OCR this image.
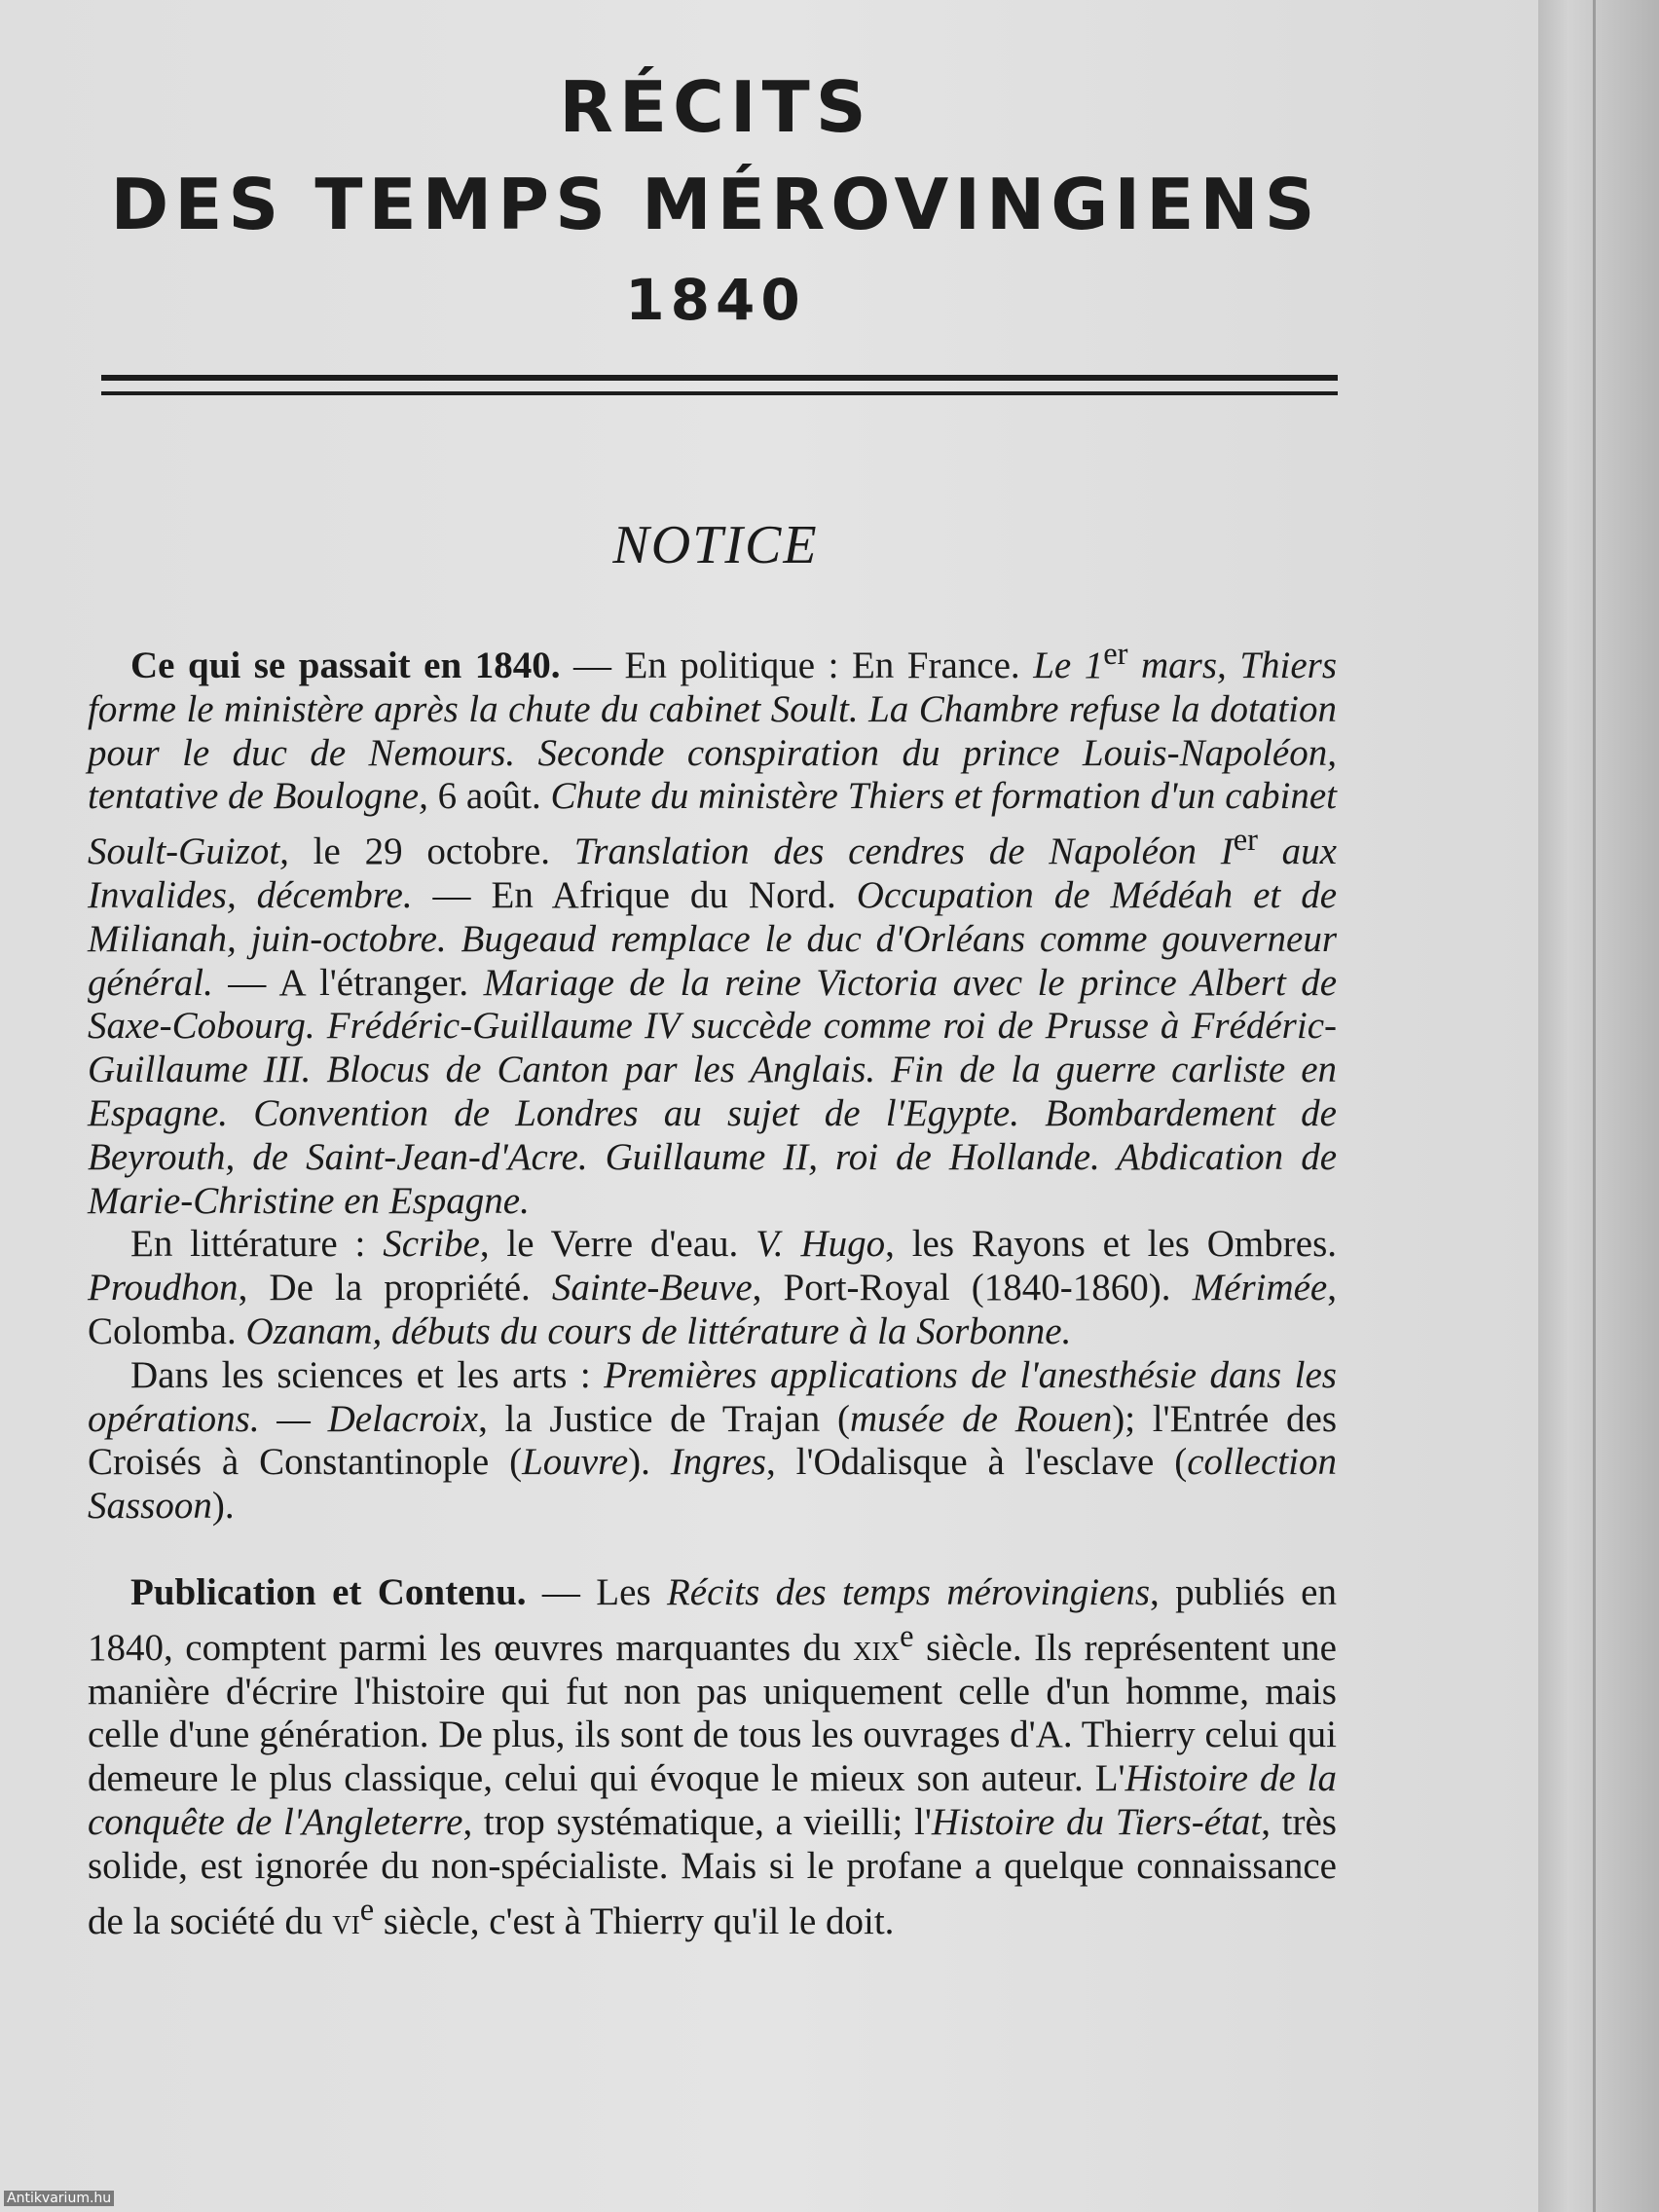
RÉCITS
DES TEMPS MÉROVINGIENS
1840
NOTICE

Ce qui se passait en 1840. — En politique : En France. Le 1er mars, Thiers forme le ministère après la chute du cabinet Soult. La Chambre refuse la dotation pour le duc de Nemours. Seconde conspiration du prince Louis-Napoléon, tentative de Boulogne, 6 août. Chute du ministère Thiers et formation d'un cabinet Soult-Guizot, le 29 octobre. Translation des cendres de Napoléon Ier aux Invalides, décembre. — En Afrique du Nord. Occupation de Médéah et de Milianah, juin-octobre. Bugeaud remplace le duc d'Orléans comme gouverneur général. — A l'étranger. Mariage de la reine Victoria avec le prince Albert de Saxe-Cobourg. Frédéric-Guillaume IV succède comme roi de Prusse à Frédéric-Guillaume III. Blocus de Canton par les Anglais. Fin de la guerre carliste en Espagne. Convention de Londres au sujet de l'Egypte. Bombardement de Beyrouth, de Saint-Jean-d'Acre. Guillaume II, roi de Hollande. Abdication de Marie-Christine en Espagne.

En littérature : Scribe, le Verre d'eau. V. Hugo, les Rayons et les Ombres. Proudhon, De la propriété. Sainte-Beuve, Port-Royal (1840-1860). Mérimée, Colomba. Ozanam, débuts du cours de littérature à la Sorbonne.

Dans les sciences et les arts : Premières applications de l'anesthésie dans les opérations. — Delacroix, la Justice de Trajan (musée de Rouen); l'Entrée des Croisés à Constantinople (Louvre). Ingres, l'Odalisque à l'esclave (collection Sassoon).

Publication et Contenu. — Les Récits des temps mérovingiens, publiés en 1840, comptent parmi les œuvres marquantes du xix$^e$ siècle. Ils représentent une manière d'écrire l'histoire qui fut non pas uniquement celle d'un homme, mais celle d'une génération. De plus, ils sont de tous les ouvrages d'A. Thierry celui qui demeure le plus classique, celui qui évoque le mieux son auteur. L'Histoire de la conquête de l'Angleterre, trop systématique, a vieilli; l'Histoire du Tiers-état, très solide, est ignorée du non-spécialiste. Mais si le profane a quelque connaissance de la société du $vi^e$ siècle, c'est à Thierry qu'il le doit.

Antikvarium.hu
